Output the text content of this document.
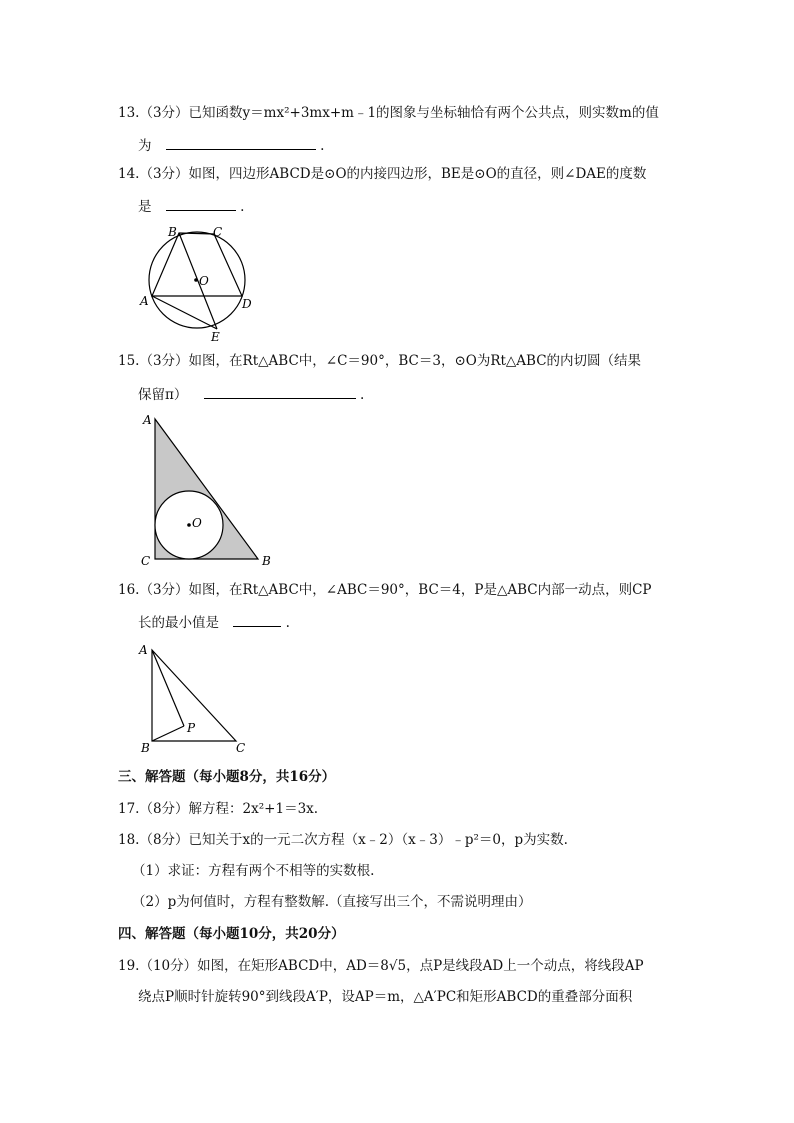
13.（3分）已知函数y＝mx²+3mx+m﹣1的图象与坐标轴恰有两个公共点，则实数m的值
为	.
14.（3分）如图，四边形ABCD是⊙O的内接四边形，BE是⊙O的直径，则∠DAE的度数
是	.
B	C
O
A	D
E
15.（3分）如图，在Rt△ABC中，∠C＝90°，BC＝3，⊙O为Rt△ABC的内切圆（结果
保留π）	.
A
O
C	B
16.（3分）如图，在Rt△ABC中，∠ABC＝90°，BC＝4，P是△ABC内部一动点，则CP
长的最小值是	.
A
P
B	C
三、解答题（每小题8分，共16分）
17.（8分）解方程：2x²+1＝3x.
18.（8分）已知关于x的一元二次方程（x﹣2）（x﹣3）﹣p²＝0，p为实数.
（1）求证：方程有两个不相等的实数根.
（2）p为何值时，方程有整数解.（直接写出三个，不需说明理由）
四、解答题（每小题10分，共20分）
19.（10分）如图，在矩形ABCD中，AD＝8√5，点P是线段AD上一个动点，将线段AP
绕点P顺时针旋转90°到线段A′P，设AP＝m，△A′PC和矩形ABCD的重叠部分面积
